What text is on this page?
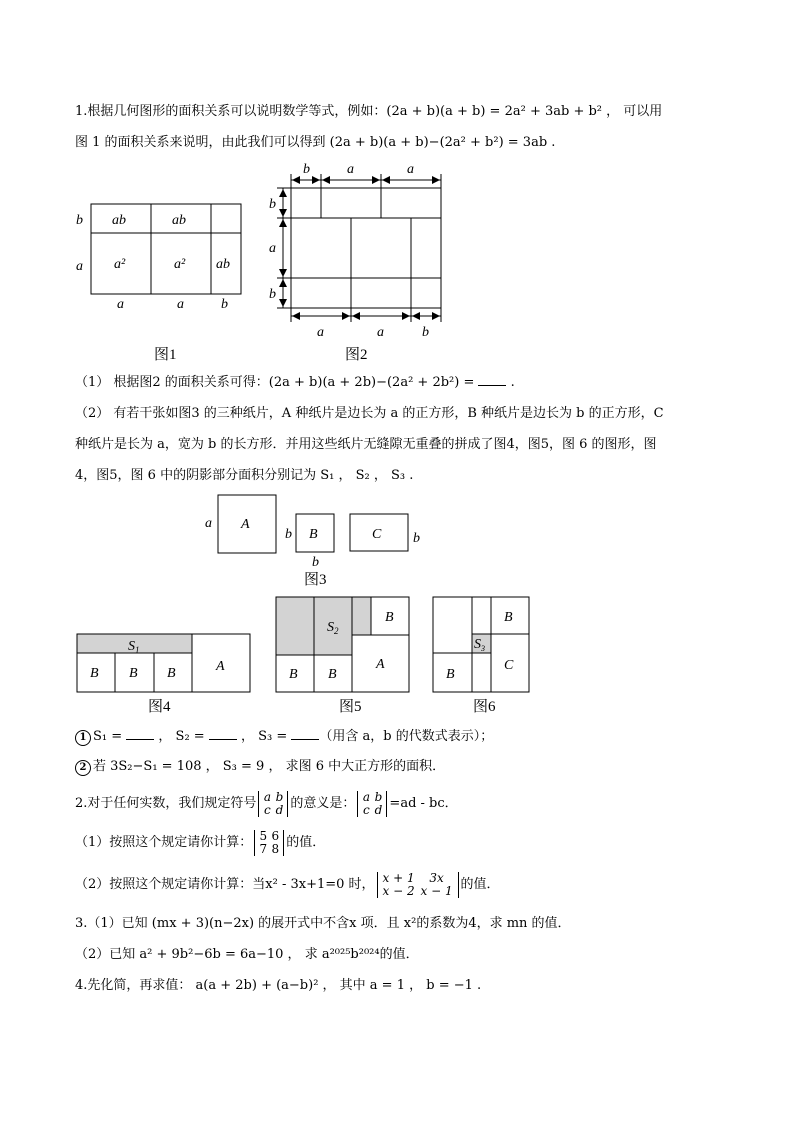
1.根据几何图形的面积关系可以说明数学等式，例如：(2a + b)(a + b) = 2a² + 3ab + b² ， 可以用
图 1 的面积关系来说明，由此我们可以得到 (2a + b)(a + b)−(2a² + b²) = 3ab .
b
a
ab	ab
a²	a² ab
a	a	b
图1
b	a	a
b
a
b
a	a	b
图2
（1） 根据图2 的面积关系可得：(2a + b)(a + 2b)−(2a² + 2b²) =  .
（2） 有若干张如图3 的三种纸片，A 种纸片是边长为 a 的正方形，B 种纸片是边长为 b 的正方形，C
种纸片是长为 a，宽为 b 的长方形．并用这些纸片无缝隙无重叠的拼成了图4，图5，图 6 的图形，图
4，图5，图 6 中的阴影部分面积分别记为 S₁ ， S₂ ， S₃ .
A
a
B
b
b
C b
图3
$S_1$
B B B	A
图4
$S_2$
B
A
B B
图5
$S_3$
B
C
B
图6
1 S₁ =  ， S₂ =  ， S₃ = （用含 a，b 的代数式表示）；
2 若 3S₂−S₁ = 108 ， S₃ = 9 ， 求图 6 中大正方形的面积．
2.对于任何实数，我们规定符号 a b
c d 的意义是： a b
c d =ad - bc．
（1）按照这个规定请你计算： 5 6
7 8 的值．
（2）按照这个规定请你计算：当x² - 3x+1=0 时， x + 1 3x
x − 2 x − 1 的值．
3.（1）已知 (mx + 3)(n−2x) 的展开式中不含x 项．且 x²的系数为4，求 mn 的值．
（2）已知 a² + 9b²−6b = 6a−10 ， 求 a²⁰²⁵b²⁰²⁴的值．
4.先化简，再求值： a(a + 2b) + (a−b)² ， 其中 a = 1 ， b = −1 .
